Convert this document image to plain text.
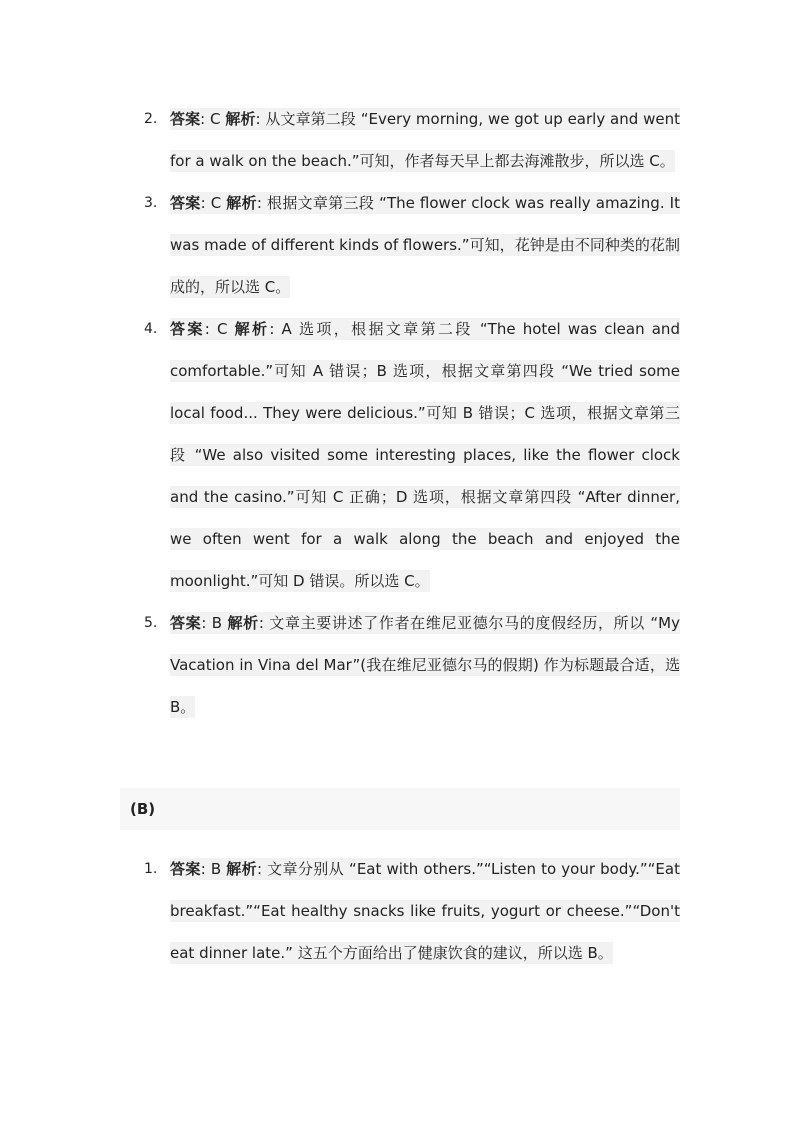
2. 答案: C 解析: 从文章第二段 “Every morning, we got up early and went for a walk on the beach.”可知，作者每天早上都去海滩散步，所以选 C。
3. 答案: C 解析: 根据文章第三段 “The flower clock was really amazing. It was made of different kinds of flowers.”可知，花钟是由不同种类的花制成的，所以选 C。
4. 答案: C 解析: A 选项，根据文章第二段 “The hotel was clean and comfortable.”可知 A 错误；B 选项，根据文章第四段 “We tried some local food... They were delicious.”可知 B 错误；C 选项，根据文章第三段 “We also visited some interesting places, like the flower clock and the casino.”可知 C 正确；D 选项，根据文章第四段 “After dinner, we often went for a walk along the beach and enjoyed the moonlight.”可知 D 错误。所以选 C。
5. 答案: B 解析: 文章主要讲述了作者在维尼亚德尔马的度假经历，所以 “My Vacation in Vina del Mar”(我在维尼亚德尔马的假期) 作为标题最合适，选 B。
(B)
1. 答案: B 解析: 文章分别从 “Eat with others.”“Listen to your body.”“Eat breakfast.”“Eat healthy snacks like fruits, yogurt or cheese.”“Don't eat dinner late.” 这五个方面给出了健康饮食的建议，所以选 B。
